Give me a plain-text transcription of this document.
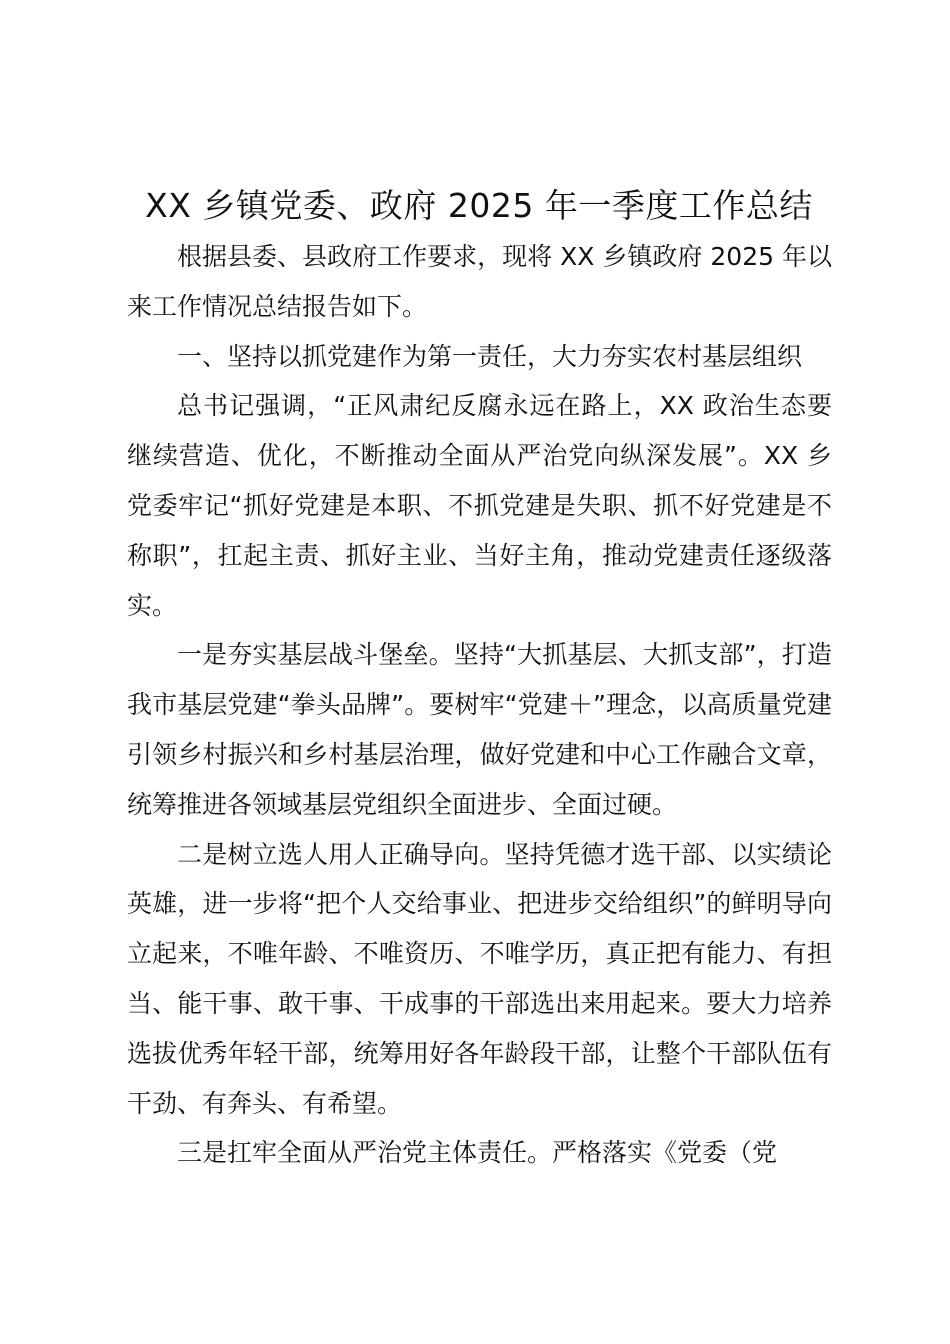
XX 乡镇党委、政府 2025 年一季度工作总结

根据县委、县政府工作要求，现将 XX 乡镇政府 2025 年以来工作情况总结报告如下。

一、坚持以抓党建作为第一责任，大力夯实农村基层组织

总书记强调，“正风肃纪反腐永远在路上，XX 政治生态要继续营造、优化，不断推动全面从严治党向纵深发展”。XX 乡党委牢记“抓好党建是本职、不抓党建是失职、抓不好党建是不称职”，扛起主责、抓好主业、当好主角，推动党建责任逐级落实。

一是夯实基层战斗堡垒。坚持“大抓基层、大抓支部”，打造我市基层党建“拳头品牌”。要树牢“党建＋”理念，以高质量党建引领乡村振兴和乡村基层治理，做好党建和中心工作融合文章，统筹推进各领域基层党组织全面进步、全面过硬。

二是树立选人用人正确导向。坚持凭德才选干部、以实绩论英雄，进一步将“把个人交给事业、把进步交给组织”的鲜明导向立起来，不唯年龄、不唯资历、不唯学历，真正把有能力、有担当、能干事、敢干事、干成事的干部选出来用起来。要大力培养选拔优秀年轻干部，统筹用好各年龄段干部，让整个干部队伍有干劲、有奔头、有希望。

三是扛牢全面从严治党主体责任。严格落实《党委（党
